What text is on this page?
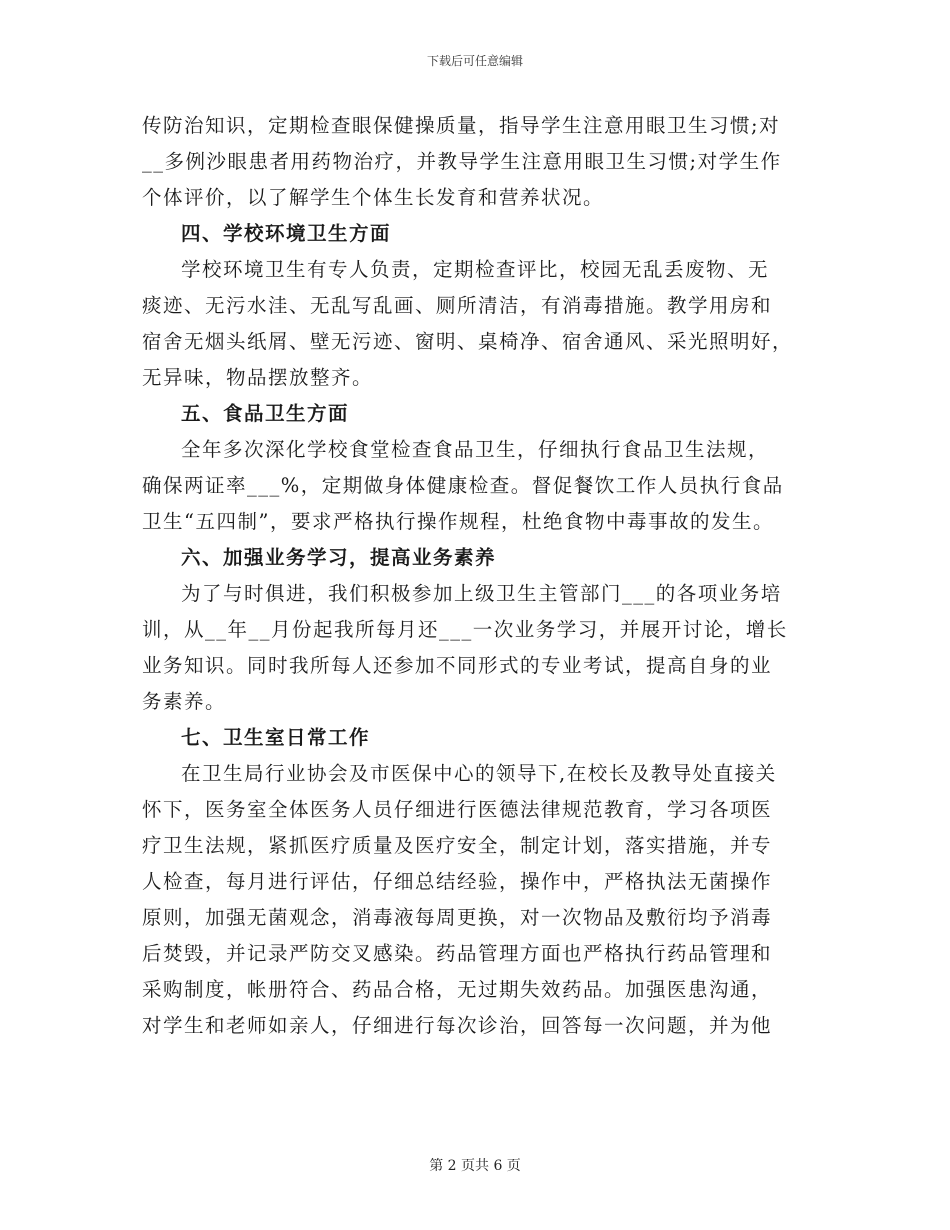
下载后可任意编辑

传防治知识，定期检查眼保健操质量，指导学生注意用眼卫生习惯;对
__多例沙眼患者用药物治疗，并教导学生注意用眼卫生习惯;对学生作
个体评价，以了解学生个体生长发育和营养状况。

四、学校环境卫生方面

学校环境卫生有专人负责，定期检查评比，校园无乱丢废物、无
痰迹、无污水洼、无乱写乱画、厕所清洁，有消毒措施。教学用房和
宿舍无烟头纸屑、壁无污迹、窗明、桌椅净、宿舍通风、采光照明好，
无异味，物品摆放整齐。

五、食品卫生方面

全年多次深化学校食堂检查食品卫生，仔细执行食品卫生法规，
确保两证率___%，定期做身体健康检查。督促餐饮工作人员执行食品
卫生“五四制”，要求严格执行操作规程，杜绝食物中毒事故的发生。

六、加强业务学习，提高业务素养

为了与时俱进，我们积极参加上级卫生主管部门___的各项业务培
训，从__年__月份起我所每月还___一次业务学习，并展开讨论，增长
业务知识。同时我所每人还参加不同形式的专业考试，提高自身的业
务素养。

七、卫生室日常工作

在卫生局行业协会及市医保中心的领导下,在校长及教导处直接关
怀下，医务室全体医务人员仔细进行医德法律规范教育，学习各项医
疗卫生法规，紧抓医疗质量及医疗安全，制定计划，落实措施，并专
人检查，每月进行评估，仔细总结经验，操作中，严格执法无菌操作
原则，加强无菌观念，消毒液每周更换，对一次物品及敷衍均予消毒
后焚毁，并记录严防交叉感染。药品管理方面也严格执行药品管理和
采购制度，帐册符合、药品合格，无过期失效药品。加强医患沟通，
对学生和老师如亲人，仔细进行每次诊治，回答每一次问题，并为他

第 2 页共 6 页
